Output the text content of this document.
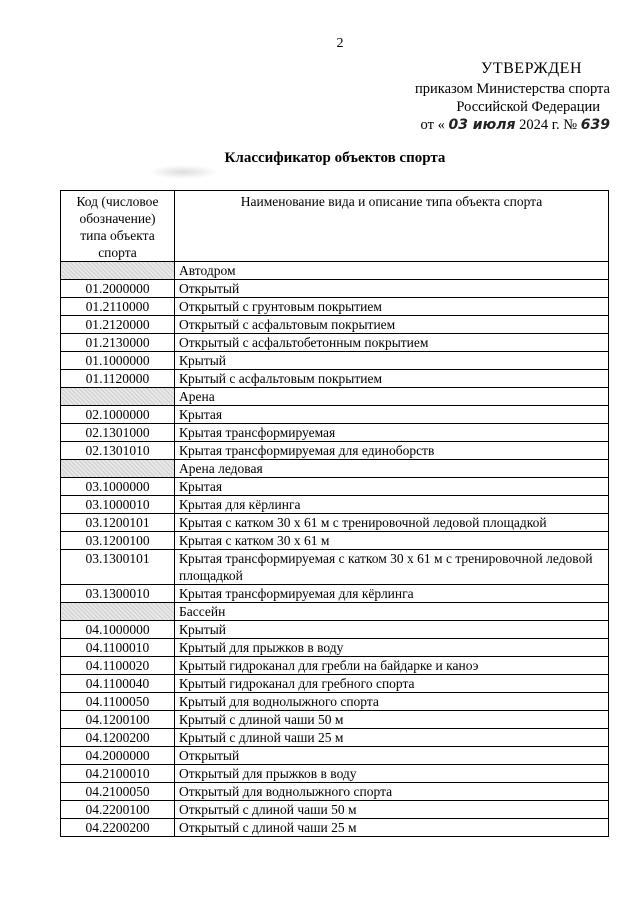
2
УТВЕРЖДЕН
приказом Министерства спорта
Российской Федерации
от « 03 июля 2024 г. № 639
Классификатор объектов спорта
Код (числовое обозначение) типа объекта спорта	Наименование вида и описание типа объекта спорта
	Автодром
01.2000000	Открытый
01.2110000	Открытый с грунтовым покрытием
01.2120000	Открытый с асфальтовым покрытием
01.2130000	Открытый с асфальтобетонным покрытием
01.1000000	Крытый
01.1120000	Крытый с асфальтовым покрытием
	Арена
02.1000000	Крытая
02.1301000	Крытая трансформируемая
02.1301010	Крытая трансформируемая для единоборств
	Арена ледовая
03.1000000	Крытая
03.1000010	Крытая для кёрлинга
03.1200101	Крытая с катком 30 х 61 м с тренировочной ледовой площадкой
03.1200100	Крытая с катком 30 х 61 м
03.1300101	Крытая трансформируемая с катком 30 х 61 м с тренировочной ледовой площадкой
03.1300010	Крытая трансформируемая для кёрлинга
	Бассейн
04.1000000	Крытый
04.1100010	Крытый для прыжков в воду
04.1100020	Крытый гидроканал для гребли на байдарке и каноэ
04.1100040	Крытый гидроканал для гребного спорта
04.1100050	Крытый для воднолыжного спорта
04.1200100	Крытый с длиной чаши 50 м
04.1200200	Крытый с длиной чаши 25 м
04.2000000	Открытый
04.2100010	Открытый для прыжков в воду
04.2100050	Открытый для воднолыжного спорта
04.2200100	Открытый с длиной чаши 50 м
04.2200200	Открытый с длиной чаши 25 м
